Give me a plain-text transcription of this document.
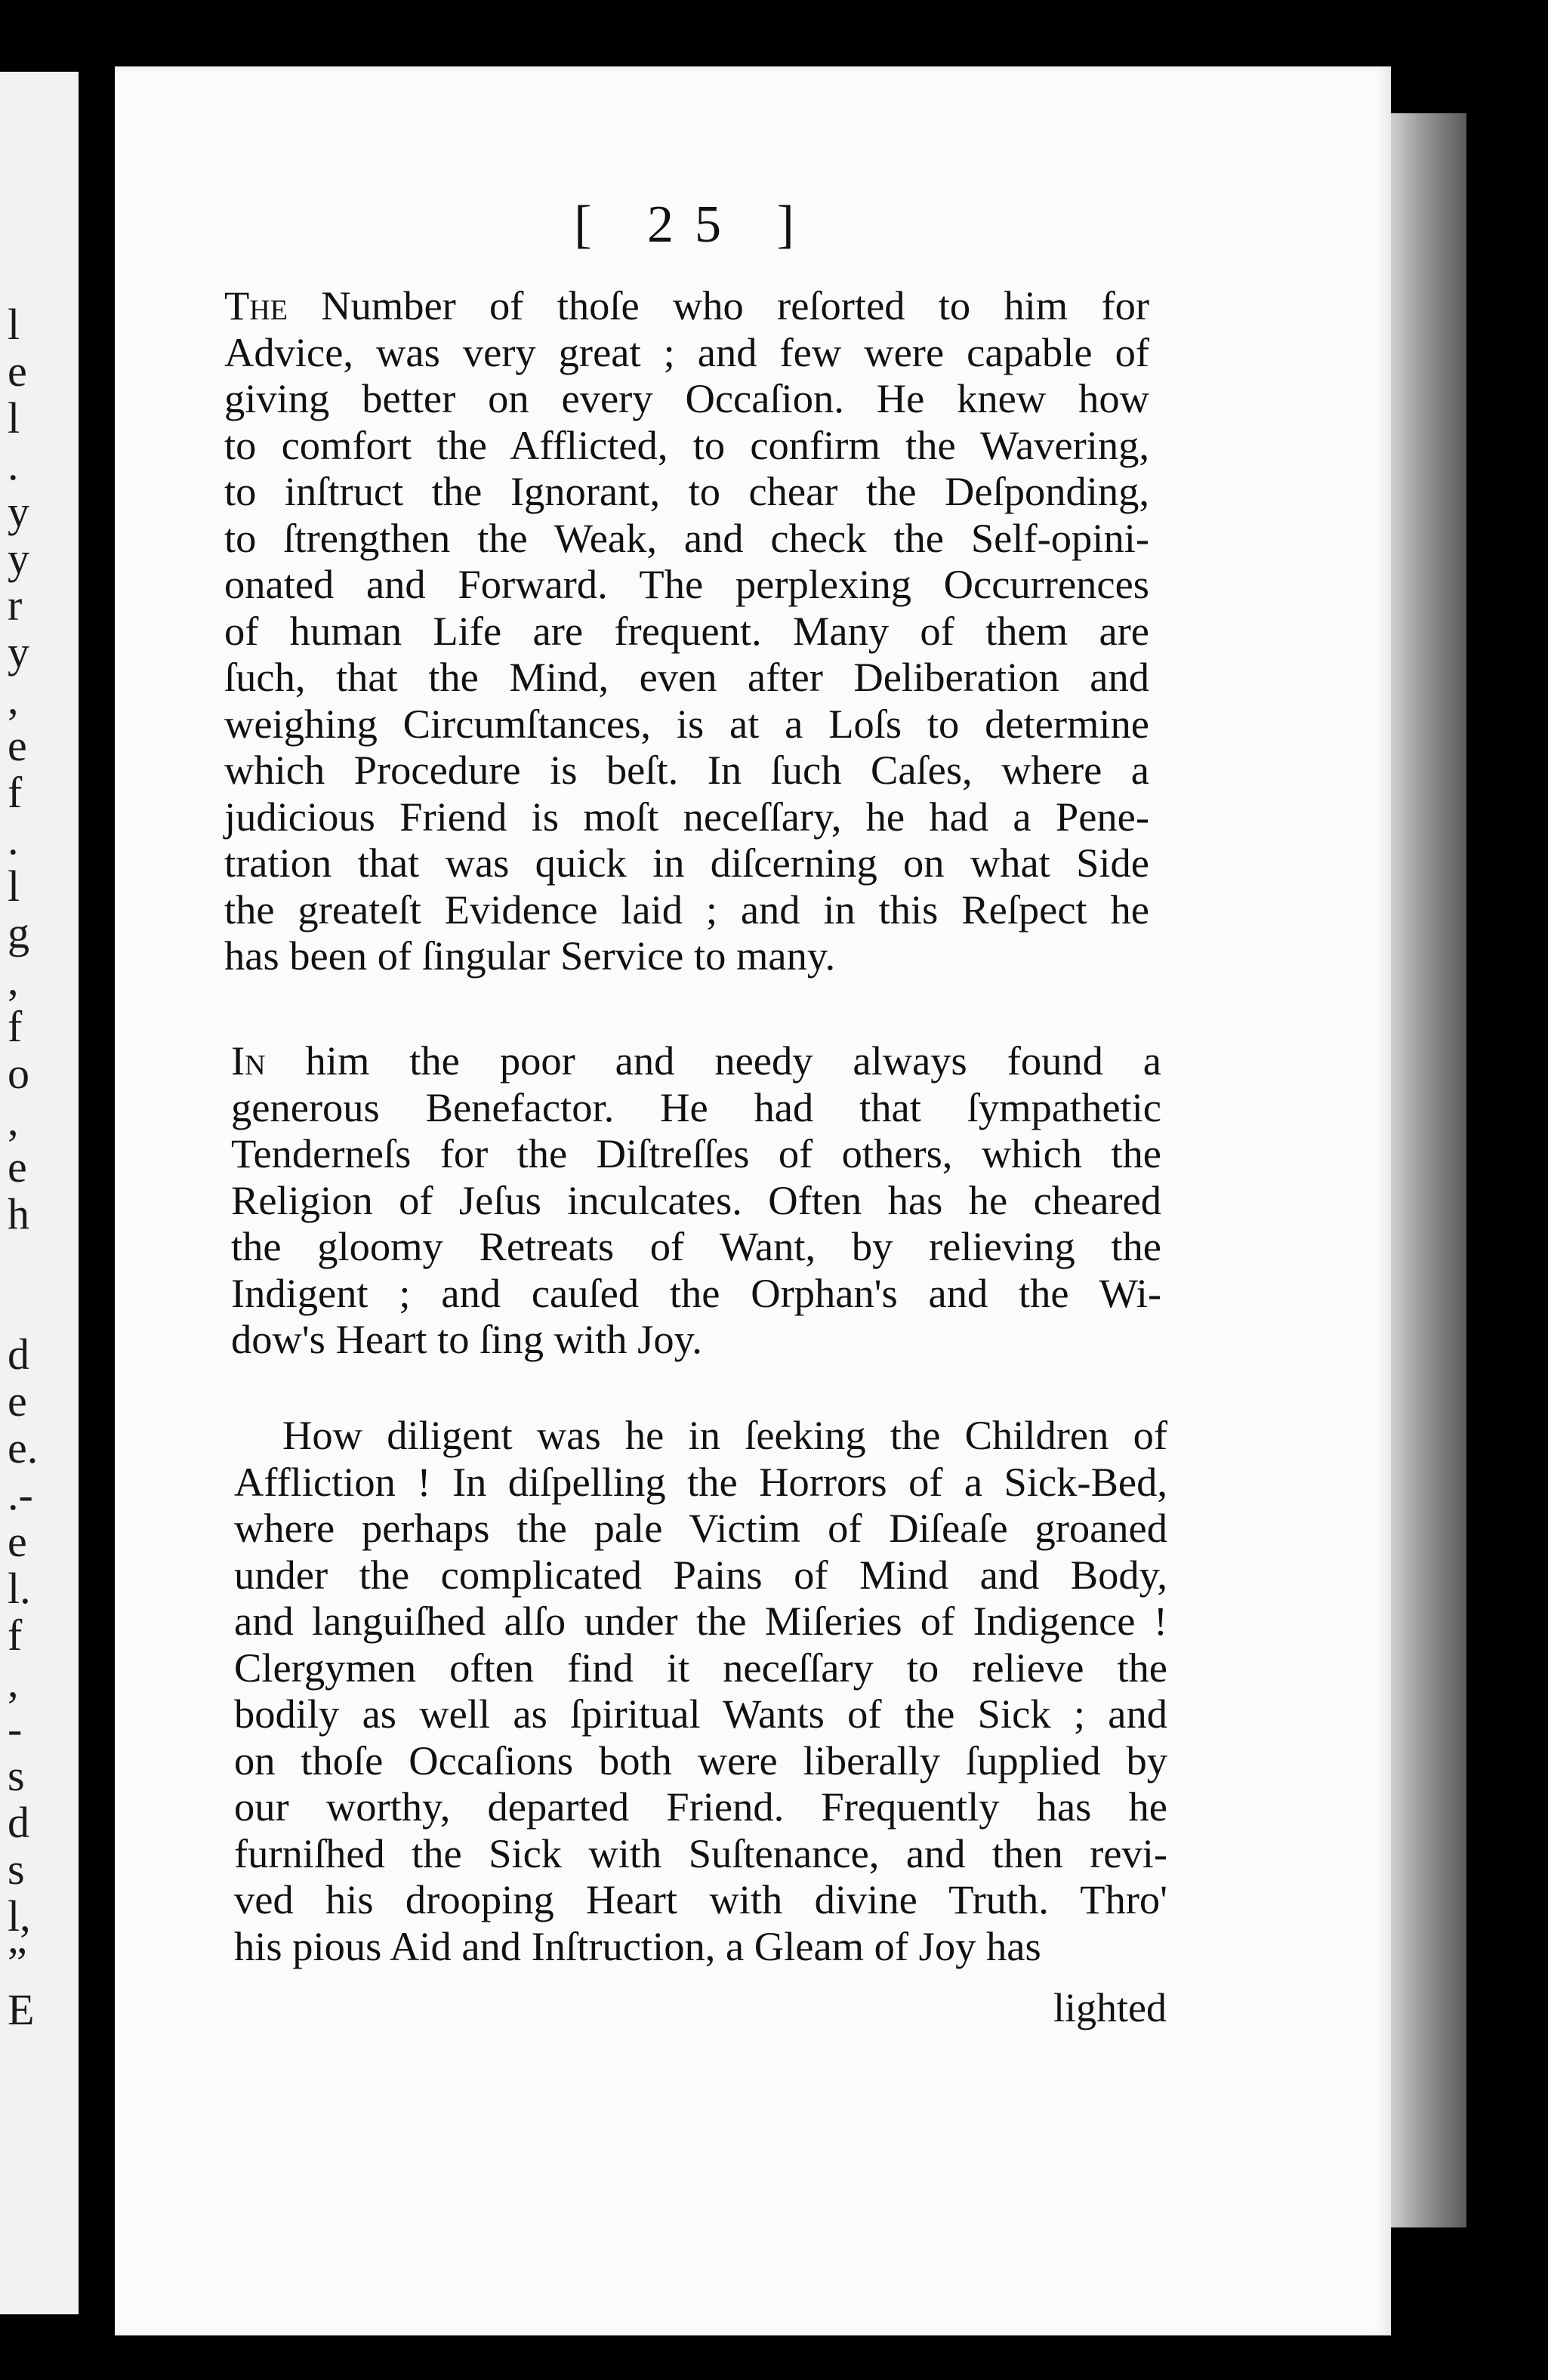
l
e
l
.
y
y
r
y
,
e
f
.
l
g
,
f
o
,
e
h
d
e
e.
.-
e
l.
f
,
-
s
d
s
l,
”
E
[ 25 ]

The Number of thoſe who reſorted to him for
Advice, was very great ; and few were capable of
giving better on every Occaſion. He knew how
to comfort the Afflicted, to confirm the Wavering,
to inſtruct the Ignorant, to chear the Deſponding,
to ſtrengthen the Weak, and check the Self-opini-
onated and Forward. The perplexing Occurrences
of human Life are frequent. Many of them are
ſuch, that the Mind, even after Deliberation and
weighing Circumſtances, is at a Loſs to determine
which Procedure is beſt. In ſuch Caſes, where a
judicious Friend is moſt neceſſary, he had a Pene-
tration that was quick in diſcerning on what Side
the greateſt Evidence laid ; and in this Reſpect he
has been of ſingular Service to many.

In him the poor and needy always found a
generous Benefactor. He had that ſympathetic
Tenderneſs for the Diſtreſſes of others, which the
Religion of Jeſus inculcates. Often has he cheared
the gloomy Retreats of Want, by relieving the
Indigent ; and cauſed the Orphan's and the Wi-
dow's Heart to ſing with Joy.

How diligent was he in ſeeking the Children of
Affliction ! In diſpelling the Horrors of a Sick-Bed,
where perhaps the pale Victim of Diſeaſe groaned
under the complicated Pains of Mind and Body,
and languiſhed alſo under the Miſeries of Indigence !
Clergymen often find it neceſſary to relieve the
bodily as well as ſpiritual Wants of the Sick ; and
on thoſe Occaſions both were liberally ſupplied by
our worthy, departed Friend. Frequently has he
furniſhed the Sick with Suſtenance, and then revi-
ved his drooping Heart with divine Truth. Thro'
his pious Aid and Inſtruction, a Gleam of Joy has

lighted
